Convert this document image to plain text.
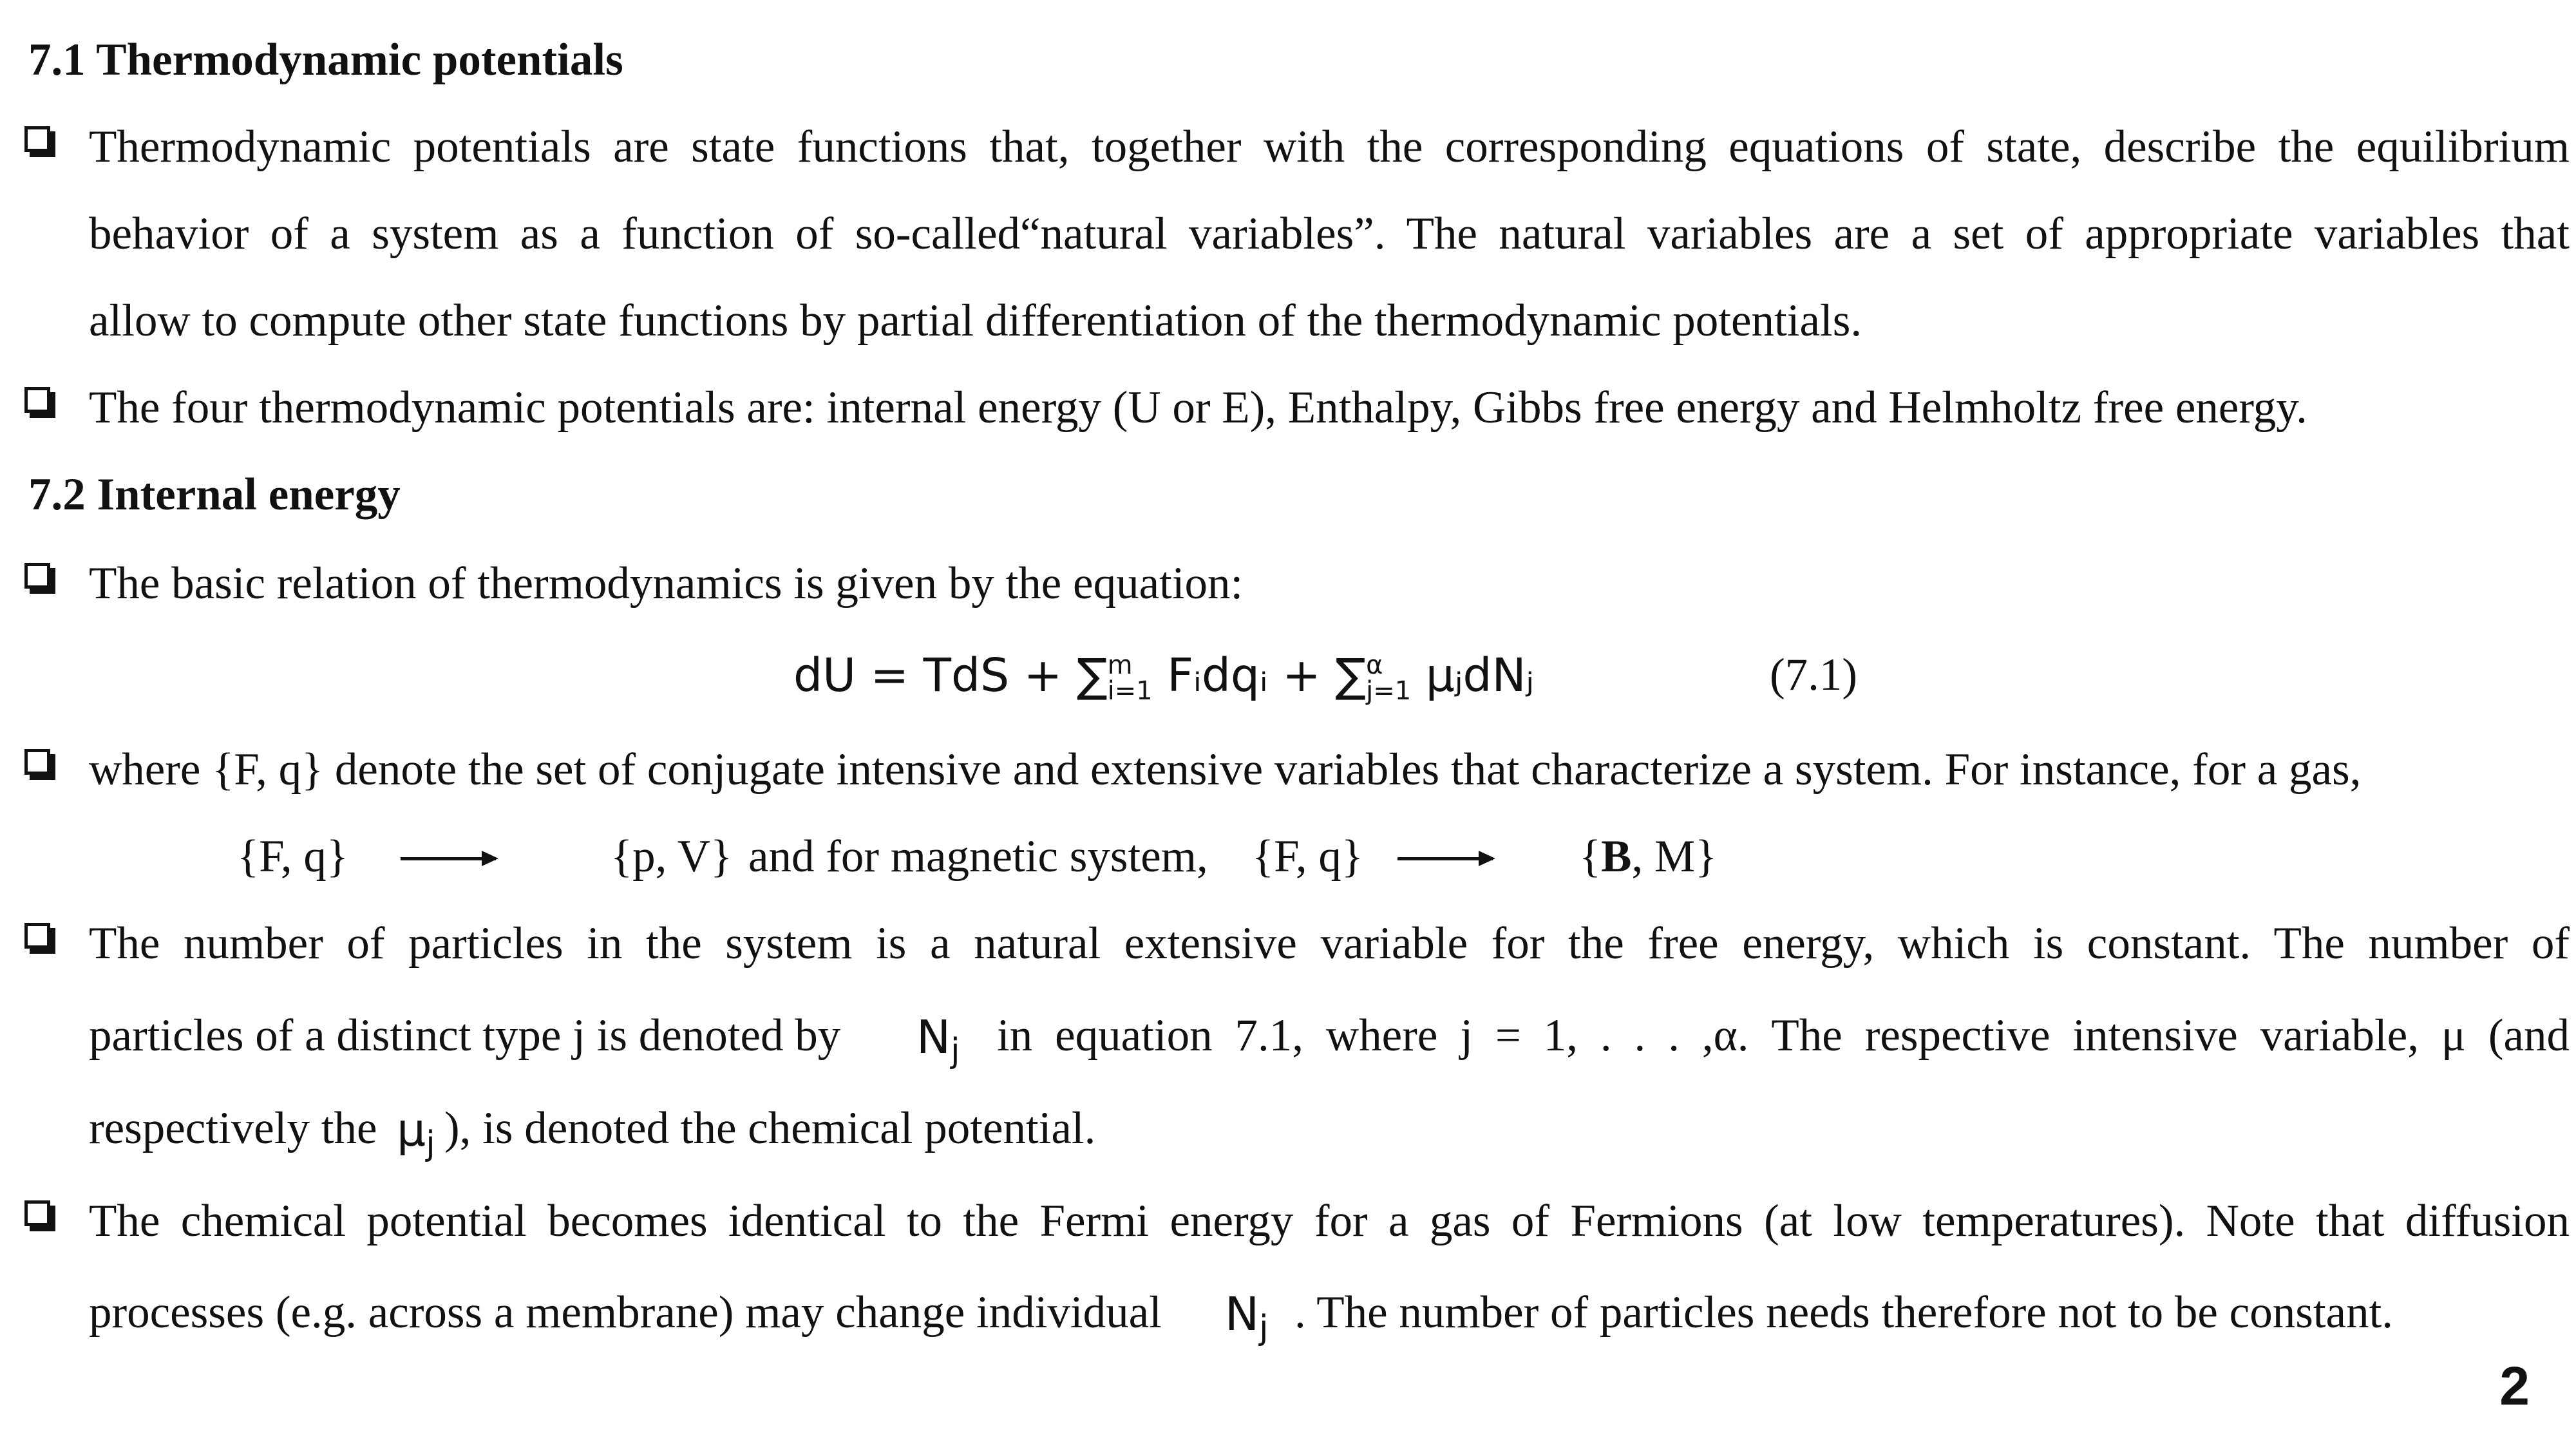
7.1 Thermodynamic potentials
Thermodynamic potentials are state functions that, together with the corresponding equations of state, describe the equilibrium
behavior of a system as a function of so-called“natural variables”. The natural variables are a set of appropriate variables that
allow to compute other state functions by partial differentiation of the thermodynamic potentials.
The four thermodynamic potentials are: internal energy (U or E), Enthalpy, Gibbs free energy and Helmholtz free energy.
7.2 Internal energy
The basic relation of thermodynamics is given by the equation:
dU = TdS + ∑ m
i=1 Fᵢdqᵢ + ∑ α
j=1 μⱼdNⱼ	(7.1)
where {F, q} denote the set of conjugate intensive and extensive variables that characterize a system. For instance, for a gas,
{F, q}	{p, V} and for magnetic system, {F, q}	{B, M}
The number of particles in the system is a natural extensive variable for the free energy, which is constant. The number of
particles of a distinct type j is denoted by $N_j$ in equation 7.1, where j = 1, . . . ,α. The respective intensive variable, μ (and
respectively the $\mu_j$ ), is denoted the chemical potential.
The chemical potential becomes identical to the Fermi energy for a gas of Fermions (at low temperatures). Note that diffusion
processes (e.g. across a membrane) may change individual $N_j$ . The number of particles needs therefore not to be constant.
2
